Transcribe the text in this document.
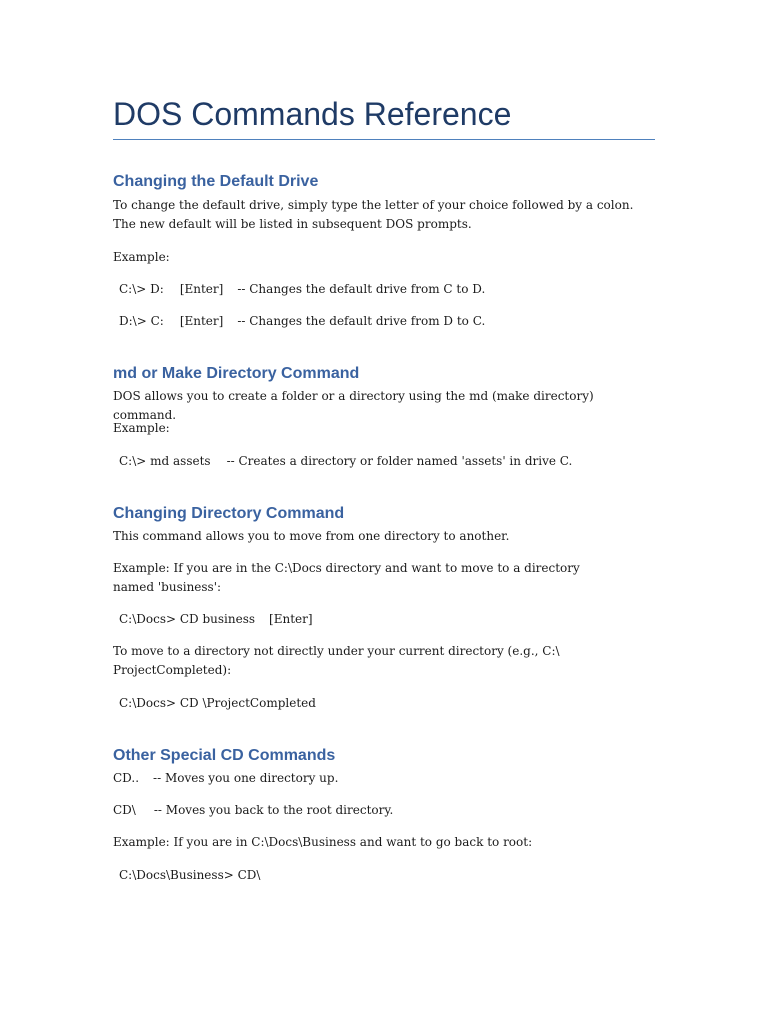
DOS Commands Reference
Changing the Default Drive

To change the default drive, simply type the letter of your choice followed by a colon. The new default will be listed in subsequent DOS prompts.

Example:

C:\> D: [Enter] -- Changes the default drive from C to D.
D:\> C: [Enter] -- Changes the default drive from D to C.
md or Make Directory Command

DOS allows you to create a folder or a directory using the md (make directory) command.

Example:

C:\> md assets -- Creates a directory or folder named 'assets' in drive C.
Changing Directory Command

This command allows you to move from one directory to another.

Example: If you are in the C:\Docs directory and want to move to a directory named 'business':

C:\Docs> CD business [Enter]

To move to a directory not directly under your current directory (e.g., C:\ ProjectCompleted):

C:\Docs> CD \ProjectCompleted
Other Special CD Commands
CD.. -- Moves you one directory up.
CD\ -- Moves you back to the root directory.

Example: If you are in C:\Docs\Business and want to go back to root:

C:\Docs\Business> CD\
